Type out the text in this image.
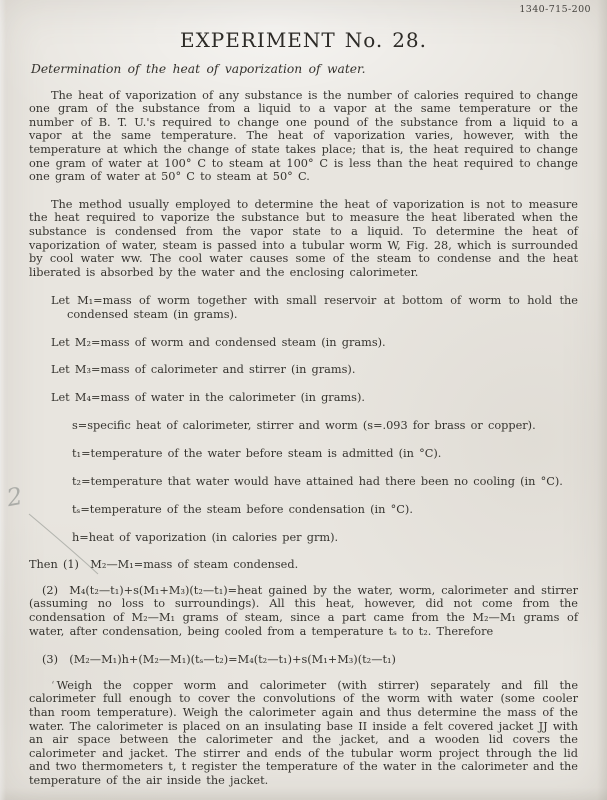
1340-715-200
2
EXPERIMENT No. 28.
Determination of the heat of vaporization of water.

The heat of vaporization of any substance is the number of calories required to change one gram of the substance from a liquid to a vapor at the same temperature or the number of B. T. U.'s required to change one pound of the substance from a liquid to a vapor at the same temperature. The heat of vaporization varies, however, with the temperature at which the change of state takes place; that is, the heat required to change one gram of water at 100° C to steam at 100° C is less than the heat required to change one gram of water at 50° C to steam at 50° C.

The method usually employed to determine the heat of vaporization is not to measure the heat required to vaporize the substance but to measure the heat liberated when the substance is condensed from the vapor state to a liquid. To determine the heat of vaporization of water, steam is passed into a tubular worm W, Fig. 28, which is surrounded by cool water ww. The cool water causes some of the steam to condense and the heat liberated is absorbed by the water and the enclosing calorimeter.

Let M₁=mass of worm together with small reservoir at bottom of worm to hold the condensed steam (in grams).
Let M₂=mass of worm and condensed steam (in grams).
Let M₃=mass of calorimeter and stirrer (in grams).
Let M₄=mass of water in the calorimeter (in grams).
s=specific heat of calorimeter, stirrer and worm (s=.093 for brass or copper).
t₁=temperature of the water before steam is admitted (in °C).
t₂=temperature that water would have attained had there been no cooling (in °C).
tₛ=temperature of the steam before condensation (in °C).
h=heat of vaporization (in calories per grm).

Then (1)  M₂—M₁=mass of steam condensed.

(2)  M₄(t₂—t₁)+s(M₁+M₃)(t₂—t₁)=heat gained by the water, worm, calorimeter and stirrer (assuming no loss to surroundings). All this heat, however, did not come from the condensation of M₂—M₁ grams of steam, since a part came from the M₂—M₁ grams of water, after condensation, being cooled from a temperature tₛ to t₂. Therefore

(3)  (M₂—M₁)h+(M₂—M₁)(tₛ—t₂)=M₄(t₂—t₁)+s(M₁+M₃)(t₂—t₁)

ʻ Weigh the copper worm and calorimeter (with stirrer) separately and fill the calorimeter full enough to cover the convolutions of the worm with water (some cooler than room temperature). Weigh the calorimeter again and thus determine the mass of the water. The calorimeter is placed on an insulating base II inside a felt covered jacket JJ with an air space between the calorimeter and the jacket, and a wooden lid covers the calorimeter and jacket. The stirrer and ends of the tubular worm project through the lid and two thermometers t, t register the temperature of the water in the calorimeter and the temperature of the air inside the jacket.
